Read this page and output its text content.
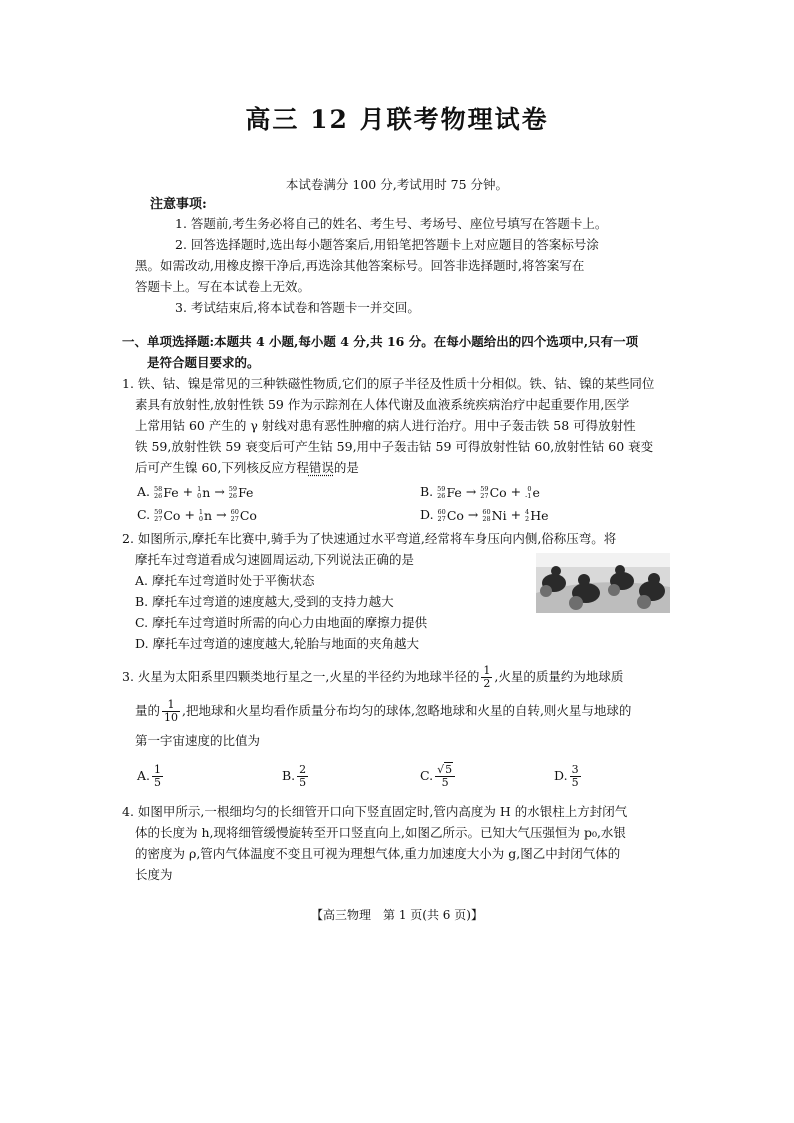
高三 12 月联考物理试卷
本试卷满分 100 分,考试用时 75 分钟。
注意事项:

1. 答题前,考生务必将自己的姓名、考生号、考场号、座位号填写在答题卡上。

2. 回答选择题时,选出每小题答案后,用铅笔把答题卡上对应题目的答案标号涂

黑。如需改动,用橡皮擦干净后,再选涂其他答案标号。回答非选择题时,将答案写在

答题卡上。写在本试卷上无效。

3. 考试结束后,将本试卷和答题卡一并交回。

一、单项选择题:本题共 4 小题,每小题 4 分,共 16 分。在每小题给出的四个选项中,只有一项

是符合题目要求的。

1. 铁、钴、镍是常见的三种铁磁性物质,它们的原子半径及性质十分相似。铁、钴、镍的某些同位

素具有放射性,放射性铁 59 作为示踪剂在人体代谢及血液系统疾病治疗中起重要作用,医学

上常用钴 60 产生的 γ 射线对患有恶性肿瘤的病人进行治疗。用中子轰击铁 58 可得放射性

铁 59,放射性铁 59 衰变后可产生钴 59,用中子轰击钴 59 可得放射性钴 60,放射性钴 60 衰变

后可产生镍 60,下列核反应方程错误的是

A. 58
26Fe + 1
0n → 59
26Fe	B. 59
26Fe → 59
27Co + 0
-1e
C. 59
27Co + 1
0n → 60
27Co	D. 60
27Co → 60
28Ni + 4
2He

2. 如图所示,摩托车比赛中,骑手为了快速通过水平弯道,经常将车身压向内侧,俗称压弯。将

摩托车过弯道看成匀速圆周运动,下列说法正确的是

A. 摩托车过弯道时处于平衡状态

B. 摩托车过弯道的速度越大,受到的支持力越大

C. 摩托车过弯道时所需的向心力由地面的摩擦力提供

D. 摩托车过弯道的速度越大,轮胎与地面的夹角越大

3. 火星为太阳系里四颗类地行星之一,火星的半径约为地球半径的 $\frac{1}{2}$ ,火星的质量约为地球质

量的 $\frac{1}{10}$ ,把地球和火星均看作质量分布均匀的球体,忽略地球和火星的自转,则火星与地球的

第一宇宙速度的比值为

A. $\frac{1}{5}$	B. $\frac{2}{5}$	C. $\frac{√5}{5}$	D. $\frac{3}{5}$

4. 如图甲所示,一根细均匀的长细管开口向下竖直固定时,管内高度为 H 的水银柱上方封闭气

体的长度为 h,现将细管缓慢旋转至开口竖直向上,如图乙所示。已知大气压强恒为 p₀,水银

的密度为 ρ,管内气体温度不变且可视为理想气体,重力加速度大小为 g,图乙中封闭气体的

长度为

【高三物理　第 1 页(共 6 页)】
